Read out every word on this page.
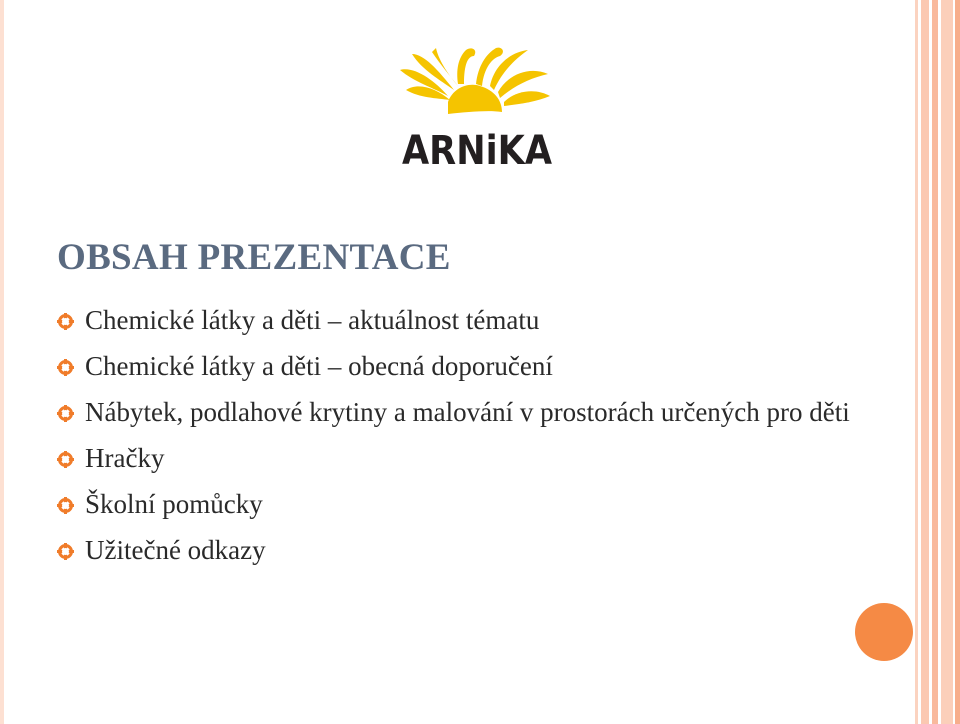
ARNiKA
OBSAH PREZENTACE
Chemické látky a děti – aktuálnost tématu
Chemické látky a děti – obecná doporučení
Nábytek, podlahové krytiny a malování v prostorách určených pro děti
Hračky
Školní pomůcky
Užitečné odkazy
